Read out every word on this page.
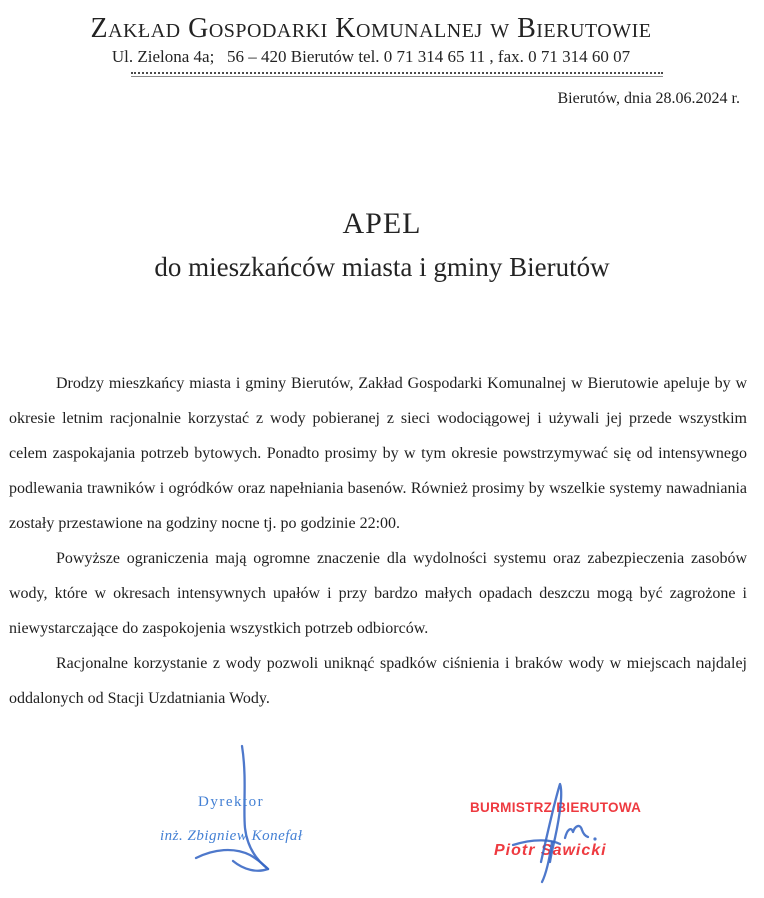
Zakład Gospodarki Komunalnej w Bierutowie
Ul. Zielona 4a;   56 – 420 Bierutów tel. 0 71 314 65 11 , fax. 0 71 314 60 07
Bierutów, dnia 28.06.2024 r.
APEL
do mieszkańców miasta i gminy Bierutów

Drodzy mieszkańcy miasta i gminy Bierutów, Zakład Gospodarki Komunalnej w Bierutowie apeluje by w okresie letnim racjonalnie korzystać z wody pobieranej z sieci wodociągowej i używali jej przede wszystkim celem zaspokajania potrzeb bytowych. Ponadto prosimy by w tym okresie powstrzymywać się od intensywnego podlewania trawników i ogródków oraz napełniania basenów. Również prosimy by wszelkie systemy nawadniania zostały przestawione na godziny nocne tj. po godzinie 22:00.

Powyższe ograniczenia mają ogromne znaczenie dla wydolności systemu oraz zabezpieczenia zasobów wody, które w okresach intensywnych upałów i przy bardzo małych opadach deszczu mogą być zagrożone i niewystarczające do zaspokojenia wszystkich potrzeb odbiorców.

Racjonalne korzystanie z wody pozwoli uniknąć spadków ciśnienia i braków wody w miejscach najdalej oddalonych od Stacji Uzdatniania Wody.

Dyrektor
inż. Zbigniew Konefał
BURMISTRZ BIERUTOWA
Piotr Sawicki
